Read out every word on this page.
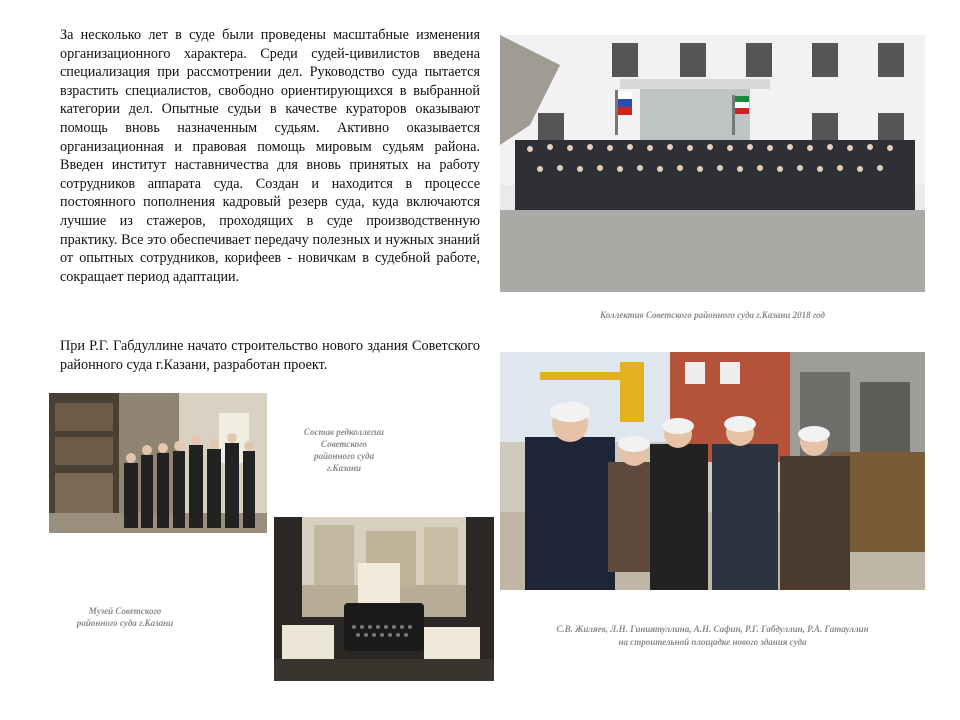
За несколько лет в суде были проведены масштабные изменения организационного характера. Среди судей-цивилистов введена специализация при рассмотрении дел. Руководство суда пытается взрастить специалистов, свободно ориентирующихся в выбранной категории дел. Опытные судьи в качестве кураторов оказывают помощь вновь назначенным судьям. Активно оказывается организационная и правовая помощь мировым судьям района. Введен институт наставничества для вновь принятых на работу сотрудников аппарата суда. Создан и находится в процессе постоянного пополнения кадровый резерв суда, куда включаются лучшие из стажеров, проходящих в суде производственную практику. Все это обеспечивает передачу полезных и нужных знаний от опытных сотрудников, корифеев - новичкам в судебной работе, сокращает период адаптации.

При Р.Г. Габдуллине начато строительство нового здания Советского районного суда г.Казани, разработан проект.

Коллектив Советского районного суда г.Казани 2018 год
Состав редколлегии Советского районного суда г.Казани
Музей Советского районного суда г.Казани
С.В. Жиляев, Л.Н. Гиниятуллина, А.Н. Сафин, Р.Г. Габдуллин, Р.А. Гатауллин
на строительной площадке нового здания суда
